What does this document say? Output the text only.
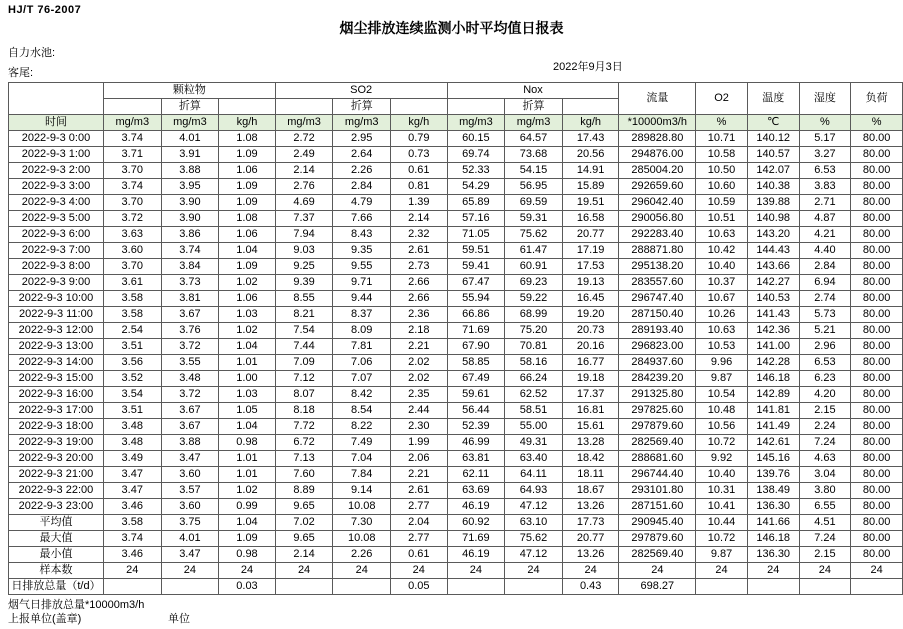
HJ/T 76-2007
烟尘排放连续监测小时平均值日报表
自力水池:
客尾:	2022年9月3日
	颗粒物			SO2			Nox			流量	O2	温度	湿度	负荷
		折算			折算			折算						
时间	mg/m3	mg/m3	kg/h	mg/m3	mg/m3	kg/h	mg/m3	mg/m3	kg/h	*10000m3/h	%	℃	%	%
2022-9-3 0:00	3.74	4.01	1.08	2.72	2.95	0.79	60.15	64.57	17.43	289828.80	10.71	140.12	5.17	80.00
2022-9-3 1:00	3.71	3.91	1.09	2.49	2.64	0.73	69.74	73.68	20.56	294876.00	10.58	140.57	3.27	80.00
2022-9-3 2:00	3.70	3.88	1.06	2.14	2.26	0.61	52.33	54.15	14.91	285004.20	10.50	142.07	6.53	80.00
2022-9-3 3:00	3.74	3.95	1.09	2.76	2.84	0.81	54.29	56.95	15.89	292659.60	10.60	140.38	3.83	80.00
2022-9-3 4:00	3.70	3.90	1.09	4.69	4.79	1.39	65.89	69.59	19.51	296042.40	10.59	139.88	2.71	80.00
2022-9-3 5:00	3.72	3.90	1.08	7.37	7.66	2.14	57.16	59.31	16.58	290056.80	10.51	140.98	4.87	80.00
2022-9-3 6:00	3.63	3.86	1.06	7.94	8.43	2.32	71.05	75.62	20.77	292283.40	10.63	143.20	4.21	80.00
2022-9-3 7:00	3.60	3.74	1.04	9.03	9.35	2.61	59.51	61.47	17.19	288871.80	10.42	144.43	4.40	80.00
2022-9-3 8:00	3.70	3.84	1.09	9.25	9.55	2.73	59.41	60.91	17.53	295138.20	10.40	143.66	2.84	80.00
2022-9-3 9:00	3.61	3.73	1.02	9.39	9.71	2.66	67.47	69.23	19.13	283557.60	10.37	142.27	6.94	80.00
2022-9-3 10:00	3.58	3.81	1.06	8.55	9.44	2.66	55.94	59.22	16.45	296747.40	10.67	140.53	2.74	80.00
2022-9-3 11:00	3.58	3.67	1.03	8.21	8.37	2.36	66.86	68.99	19.20	287150.40	10.26	141.43	5.73	80.00
2022-9-3 12:00	2.54	3.76	1.02	7.54	8.09	2.18	71.69	75.20	20.73	289193.40	10.63	142.36	5.21	80.00
2022-9-3 13:00	3.51	3.72	1.04	7.44	7.81	2.21	67.90	70.81	20.16	296823.00	10.53	141.00	2.96	80.00
2022-9-3 14:00	3.56	3.55	1.01	7.09	7.06	2.02	58.85	58.16	16.77	284937.60	9.96	142.28	6.53	80.00
2022-9-3 15:00	3.52	3.48	1.00	7.12	7.07	2.02	67.49	66.24	19.18	284239.20	9.87	146.18	6.23	80.00
2022-9-3 16:00	3.54	3.72	1.03	8.07	8.42	2.35	59.61	62.52	17.37	291325.80	10.54	142.89	4.20	80.00
2022-9-3 17:00	3.51	3.67	1.05	8.18	8.54	2.44	56.44	58.51	16.81	297825.60	10.48	141.81	2.15	80.00
2022-9-3 18:00	3.48	3.67	1.04	7.72	8.22	2.30	52.39	55.00	15.61	297879.60	10.56	141.49	2.24	80.00
2022-9-3 19:00	3.48	3.88	0.98	6.72	7.49	1.99	46.99	49.31	13.28	282569.40	10.72	142.61	7.24	80.00
2022-9-3 20:00	3.49	3.47	1.01	7.13	7.04	2.06	63.81	63.40	18.42	288681.60	9.92	145.16	4.63	80.00
2022-9-3 21:00	3.47	3.60	1.01	7.60	7.84	2.21	62.11	64.11	18.11	296744.40	10.40	139.76	3.04	80.00
2022-9-3 22:00	3.47	3.57	1.02	8.89	9.14	2.61	63.69	64.93	18.67	293101.80	10.31	138.49	3.80	80.00
2022-9-3 23:00	3.46	3.60	0.99	9.65	10.08	2.77	46.19	47.12	13.26	287151.60	10.41	136.30	6.55	80.00
平均值	3.58	3.75	1.04	7.02	7.30	2.04	60.92	63.10	17.73	290945.40	10.44	141.66	4.51	80.00
最大值	3.74	4.01	1.09	9.65	10.08	2.77	71.69	75.62	20.77	297879.60	10.72	146.18	7.24	80.00
最小值	3.46	3.47	0.98	2.14	2.26	0.61	46.19	47.12	13.26	282569.40	9.87	136.30	2.15	80.00
样本数	24	24	24	24	24	24	24	24	24	24	24	24	24	24
日排放总量（t/d）			0.03			0.05			0.43	698.27				
烟气日排放总量*10000m3/h
上报单位(盖章)	单位
